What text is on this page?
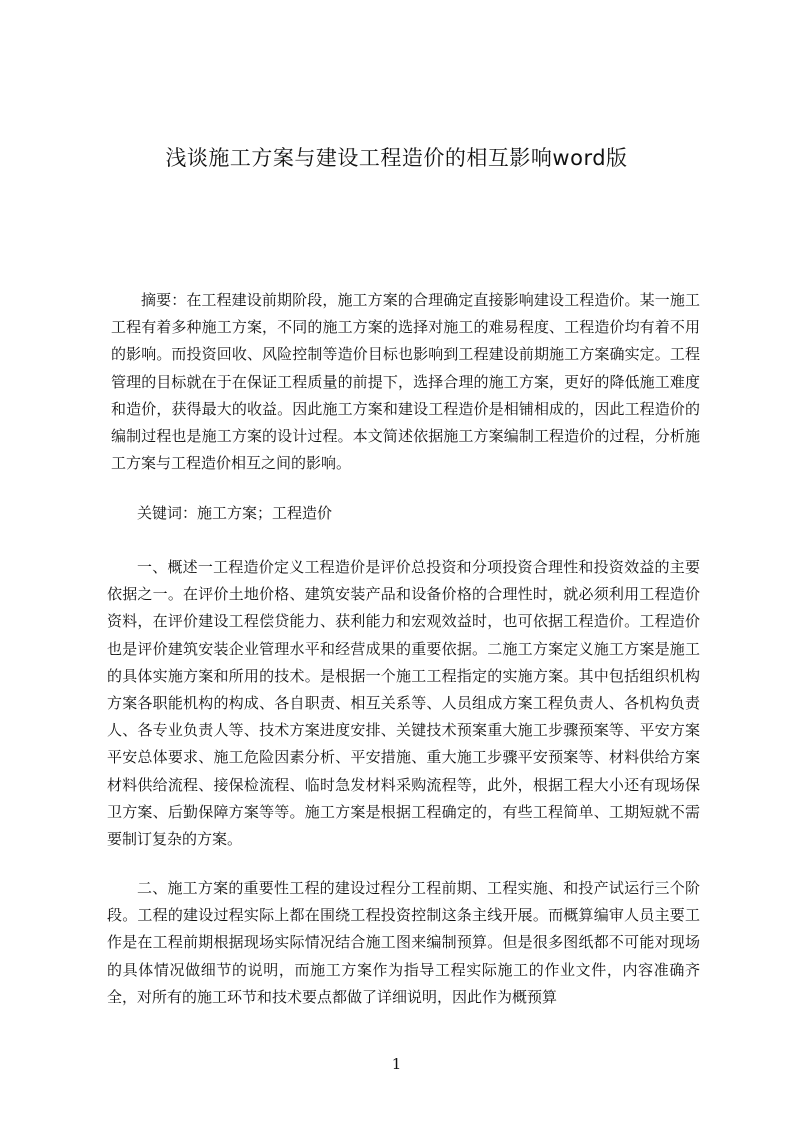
浅谈施工方案与建设工程造价的相互影响word版

摘要：在工程建设前期阶段，施工方案的合理确定直接影响建设工程造价。某一施工工程有着多种施工方案，不同的施工方案的选择对施工的难易程度、工程造价均有着不用的影响。而投资回收、风险控制等造价目标也影响到工程建设前期施工方案确实定。工程管理的目标就在于在保证工程质量的前提下，选择合理的施工方案，更好的降低施工难度和造价，获得最大的收益。因此施工方案和建设工程造价是相铺相成的，因此工程造价的编制过程也是施工方案的设计过程。本文简述依据施工方案编制工程造价的过程，分析施工方案与工程造价相互之间的影响。

关键词：施工方案；工程造价

一、概述一工程造价定义工程造价是评价总投资和分项投资合理性和投资效益的主要依据之一。在评价土地价格、建筑安装产品和设备价格的合理性时，就必须利用工程造价资料，在评价建设工程偿贷能力、获利能力和宏观效益时，也可依据工程造价。工程造价也是评价建筑安装企业管理水平和经营成果的重要依据。二施工方案定义施工方案是施工的具体实施方案和所用的技术。是根据一个施工工程指定的实施方案。其中包括组织机构方案各职能机构的构成、各自职责、相互关系等、人员组成方案工程负责人、各机构负责人、各专业负责人等、技术方案进度安排、关键技术预案重大施工步骤预案等、平安方案平安总体要求、施工危险因素分析、平安措施、重大施工步骤平安预案等、材料供给方案材料供给流程、接保检流程、临时急发材料采购流程等，此外，根据工程大小还有现场保卫方案、后勤保障方案等等。施工方案是根据工程确定的，有些工程简单、工期短就不需要制订复杂的方案。

二、施工方案的重要性工程的建设过程分工程前期、工程实施、和投产试运行三个阶段。工程的建设过程实际上都在围绕工程投资控制这条主线开展。而概算编审人员主要工作是在工程前期根据现场实际情况结合施工图来编制预算。但是很多图纸都不可能对现场的具体情况做细节的说明，而施工方案作为指导工程实际施工的作业文件，内容准确齐全，对所有的施工环节和技术要点都做了详细说明，因此作为概预算

1
